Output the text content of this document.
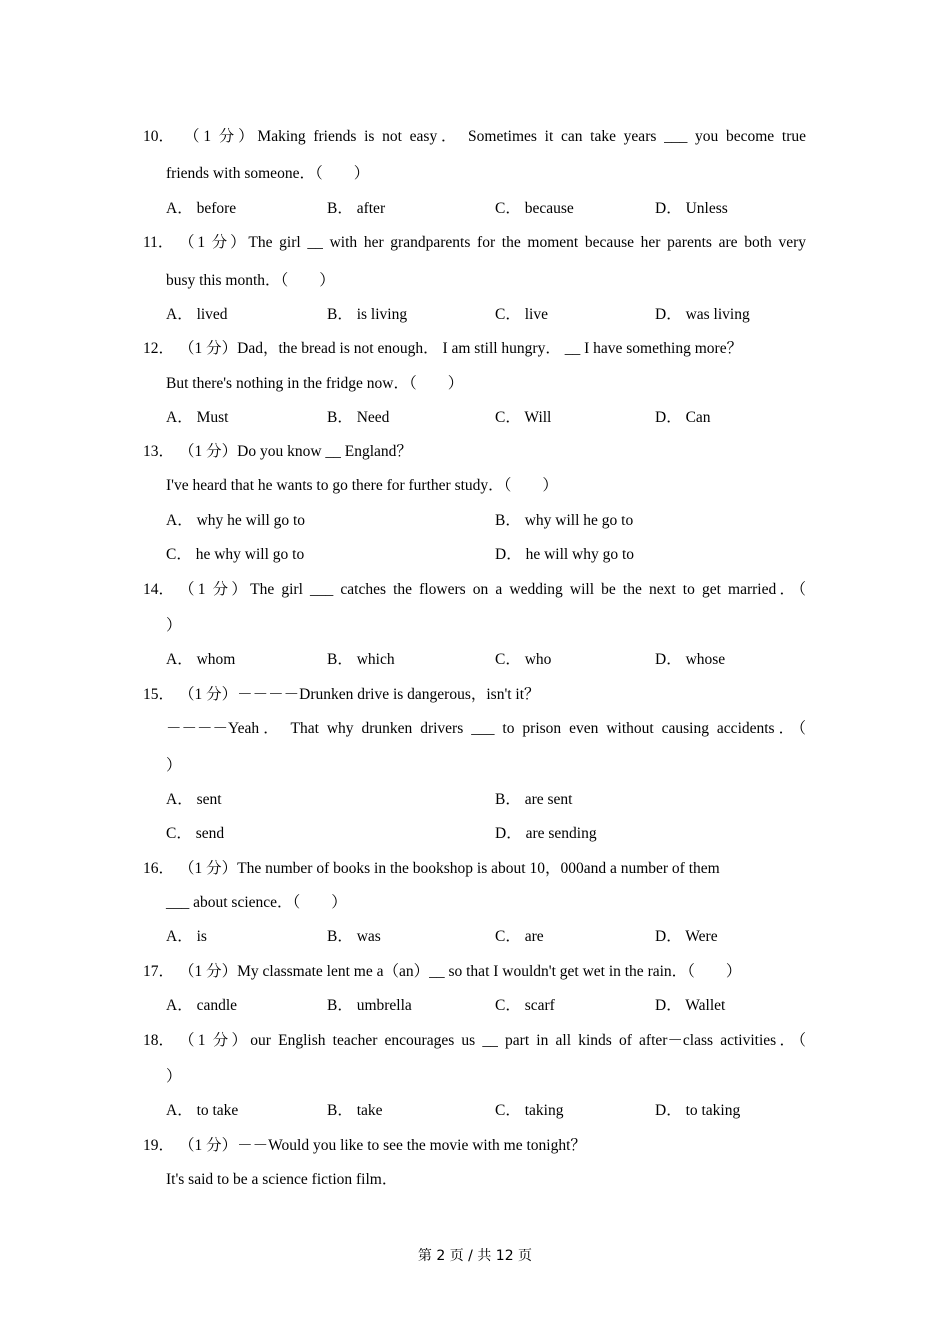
10． （1 分）Making friends is not easy． Sometimes it can take years ___ you become true
friends with someone．（　　）
A． before	B． after	C． because	D． Unless
11． （1 分）The girl __ with her grandparents for the moment because her parents are both very
busy this month．（　　）
A． lived	B． is living	C． live	D． was living
12． （1 分）Dad，the bread is not enough． I am still hungry． __ I have something more？
But there's nothing in the fridge now．（　　）
A． Must	B． Need	C． Will	D． Can
13． （1 分）Do you know __ England？
I've heard that he wants to go there for further study．（　　）
A． why he will go to	B． why will he go to
C． he why will go to	D． he will why go to
14． （1 分）The girl ___ catches the flowers on a wedding will be the next to get married．（
）
A． whom	B． which	C． who	D． whose
15． （1 分）－－－－Drunken drive is dangerous，isn't it？
－－－－Yeah． That why drunken drivers ___ to prison even without causing accidents．（
）
A． sent	B． are sent
C． send	D． are sending
16． （1 分）The number of books in the bookshop is about 10，000and a number of them
___ about science．（　　）
A． is	B． was	C． are	D． Were
17． （1 分）My classmate lent me a（an）__ so that I wouldn't get wet in the rain．（　　）
A． candle	B． umbrella	C． scarf	D． Wallet
18． （1 分）our English teacher encourages us __ part in all kinds of after－class activities．（
）
A． to take	B． take	C． taking	D． to taking
19． （1 分）－－Would you like to see the movie with me tonight？
It's said to be a science fiction film．
第 2 页 / 共 12 页
